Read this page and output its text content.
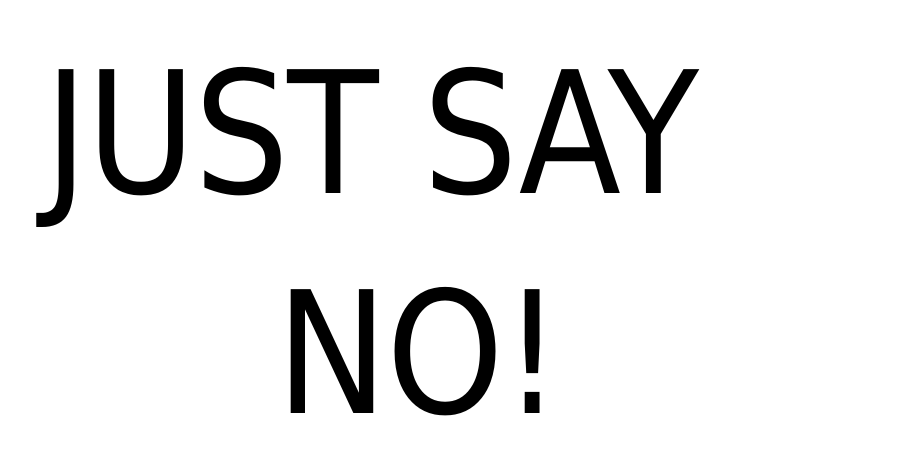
JUST SAY

NO!
